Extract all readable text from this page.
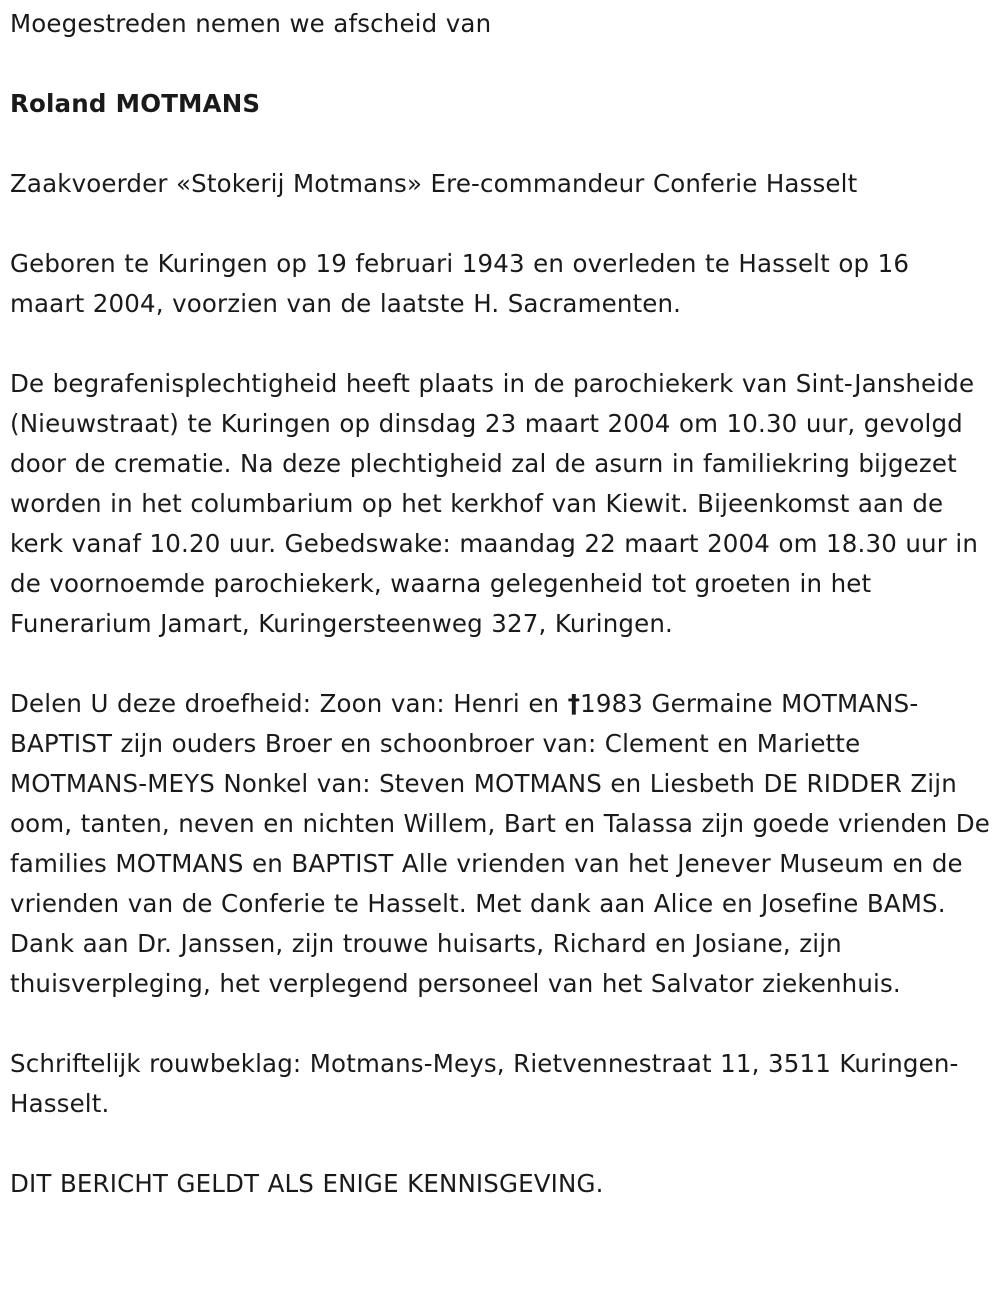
Moegestreden nemen we afscheid van

Roland MOTMANS

Zaakvoerder «Stokerij Motmans» Ere-commandeur Conferie Hasselt

Geboren te Kuringen op 19 februari 1943 en overleden te Hasselt op 16 maart 2004, voorzien van de laatste H. Sacramenten.

De begrafenisplechtigheid heeft plaats in de parochiekerk van Sint-Jansheide (Nieuwstraat) te Kuringen op dinsdag 23 maart 2004 om 10.30 uur, gevolgd door de crematie. Na deze plechtigheid zal de asurn in familiekring bijgezet worden in het columbarium op het kerkhof van Kiewit. Bijeenkomst aan de kerk vanaf 10.20 uur. Gebedswake: maandag 22 maart 2004 om 18.30 uur in de voornoemde parochiekerk, waarna gelegenheid tot groeten in het Funerarium Jamart, Kuringersteenweg 327, Kuringen.

Delen U deze droefheid: Zoon van: Henri en †1983 Germaine MOTMANS-BAPTIST zijn ouders Broer en schoonbroer van: Clement en Mariette MOTMANS-MEYS Nonkel van: Steven MOTMANS en Liesbeth DE RIDDER Zijn oom, tanten, neven en nichten Willem, Bart en Talassa zijn goede vrienden De families MOTMANS en BAPTIST Alle vrienden van het Jenever Museum en de vrienden van de Conferie te Hasselt. Met dank aan Alice en Josefine BAMS. Dank aan Dr. Janssen, zijn trouwe huisarts, Richard en Josiane, zijn thuisverpleging, het verplegend personeel van het Salvator ziekenhuis.

Schriftelijk rouwbeklag: Motmans-Meys, Rietvennestraat 11, 3511 Kuringen-Hasselt.

DIT BERICHT GELDT ALS ENIGE KENNISGEVING.
